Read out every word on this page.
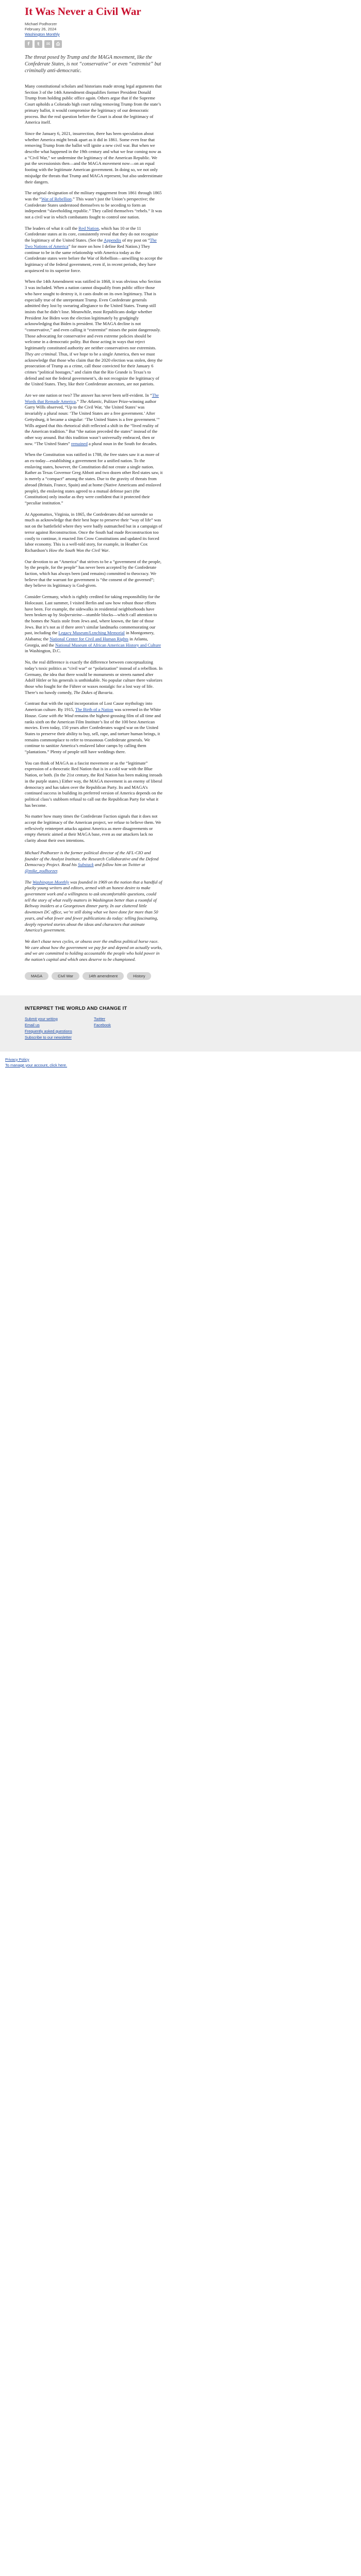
It Was Never a Civil War
Michael Podhorzer
February 26, 2024
Washington Monthly
f	t	✉	⎙

The threat posed by Trump and the MAGA movement, like the Confederate States, is not “conservative” or even “extremist” but criminally anti-democratic.

Many constitutional scholars and historians made strong legal arguments that Section 3 of the 14th Amendment disqualifies former President Donald Trump from holding public office again. Others argue that if the Supreme Court upholds a Colorado high court ruling removing Trump from the state’s primary ballot, it would compromise the legitimacy of our democratic process. But the real question before the Court is about the legitimacy of America itself.

Since the January 6, 2021, insurrection, there has been speculation about whether America might break apart as it did in 1861. Some even fear that removing Trump from the ballot will ignite a new civil war. But when we describe what happened in the 19th century and what we fear coming now as a “Civil War,” we undermine the legitimacy of the American Republic. We put the secessionists then—and the MAGA movement now—on an equal footing with the legitimate American government. In doing so, we not only misjudge the threats that Trump and MAGA represent, but also underestimate their dangers.

The original designation of the military engagement from 1861 through 1865 was the “War of Rebellion.” This wasn’t just the Union’s perspective; the Confederate States understood themselves to be seceding to form an independent “slaveholding republic.” They called themselves “rebels.” It was not a civil war in which combatants fought to control one nation.

The leaders of what it call the Red Nation, which has 10 or the 11 Confederate states at its core, consistently reveal that they do not recognize the legitimacy of the United States. (See the Appendix of my post on “The Two Nations of America” for more on how I define Red Nation.) They continue to be in the same relationship with America today as the Confederate states were before the War of Rebellion—unwilling to accept the legitimacy of the federal government, even if, in recent periods, they have acquiesced to its superior force.

When the 14th Amendment was ratified in 1868, it was obvious who Section 3 was included. When a nation cannot disqualify from public office those who have sought to destroy it, it casts doubt on its own legitimacy. That is especially true of the unrepentant Trump. Even Confederate generals admitted they lost by swearing allegiance to the United States. Trump still insists that he didn’t lose. Meanwhile, most Republicans dodge whether President Joe Biden won the election legitimately by grudgingly acknowledging that Biden is president. The MAGA decline is not “conservative,” and even calling it “extremist” misses the point dangerously. Those advocating for conservative and even extreme policies should be welcome in a democratic polity. But those acting in ways that reject legitimately constituted authority are neither conservatives nor extremists. They are criminal. Thus, if we hope to be a single America, then we must acknowledge that those who claim that the 2020 election was stolen, deny the prosecution of Trump as a crime, call those convicted for their January 6 crimes “political hostages,” and claim that the Rio Grande is Texas’s to defend and not the federal government’s, do not recognize the legitimacy of the United States. They, like their Confederate ancestors, are not patriots.

Are we one nation or two? The answer has never been self-evident. In “The Words that Remade America,” The Atlantic, Pulitzer Prize-winning author Garry Wills observed, “Up to the Civil War, ‘the United States’ was invariably a plural noun: ‘The United States are a free government.’ After Gettysburg, it became a singular: ‘The United States is a free government.’” Wills argued that this rhetorical shift reflected a shift in the “lived reality of the American tradition.” But “the nation preceded the states” instead of the other way around. But this tradition wasn’t universally embraced, then or now. “The United States” remained a plural noun in the South for decades.

When the Constitution was ratified in 1788, the free states saw it as more of an ex-today—establishing a government for a unified nation. To the enslaving states, however, the Constitution did not create a single nation. Rather as Texas Governor Greg Abbott and two dozen other Red states saw, it is merely a “compact” among the states. Due to the gravity of threats from abroad (Britain, France, Spain) and at home (Native Americans and enslaved people), the enslaving states agreed to a mutual defense pact (the Constitution) only insofar as they were confident that it protected their “peculiar institution.”

At Appomattox, Virginia, in 1865, the Confederates did not surrender so much as acknowledge that their best hope to preserve their “way of life” was not on the battlefield where they were badly outmatched but in a campaign of terror against Reconstruction. Once the South had made Reconstruction too costly to continue, it enacted Jim Crow Constitutions and updated its forced labor economy. This is a well-told story, for example, in Heather Cox Richardson’s How the South Won the Civil War.

Our devotion to an “America” that strives to be a “government of the people, by the people, for the people” has never been accepted by the Confederate faction, which has always been (and remains) committed to theocracy. We believe that the warrant for government is “the consent of the governed”; they believe its legitimacy is God-given.

Consider Germany, which is rightly credited for taking responsibility for the Holocaust. Last summer, I visited Berlin and saw how robust those efforts have been. For example, the sidewalks in residential neighborhoods have been broken up by Stolpersteine—stumble blocks—which call attention to the homes the Nazis stole from Jews and, where known, the fate of those Jews. But it’s not as if there aren’t similar landmarks commemorating our past, including the Legacy Museum/Lynching Memorial in Montgomery, Alabama; the National Center for Civil and Human Rights in Atlanta, Georgia, and the National Museum of African American History and Culture in Washington, D.C.

No, the real difference is exactly the difference between conceptualizing today’s toxic politics as “civil war” or “polarization” instead of a rebellion. In Germany, the idea that there would be monuments or streets named after Adolf Hitler or his generals is unthinkable. No popular culture there valorizes those who fought for the Führer or waxes nostalgic for a lost way of life. There’s no bawdy comedy, The Dukes of Bavaria.

Contrast that with the rapid incorporation of Lost Cause mythology into American culture. By 1915, The Birth of a Nation was screened in the White House. Gone with the Wind remains the highest-grossing film of all time and ranks sixth on the American Film Institute’s list of the 100 best American movies. Even today, 150 years after Confederates waged war on the United States to preserve their ability to buy, sell, rape, and torture human beings, it remains commonplace to refer to treasonous Confederate generals. We continue to sanitize America’s enslaved labor camps by calling them “plantations.” Plenty of people still have weddings there.

You can think of MAGA as a fascist movement or as the “legitimate” expression of a theocratic Red Nation that is in a cold war with the Blue Nation, or both. (In the 21st century, the Red Nation has been making inroads in the purple states.) Either way, the MAGA movement is an enemy of liberal democracy and has taken over the Republican Party. Its and MAGA’s continued success in building its preferred version of America depends on the political class’s stubborn refusal to call out the Republican Party for what it has become.

No matter how many times the Confederate Faction signals that it does not accept the legitimacy of the American project, we refuse to believe them. We reflexively reinterpret attacks against America as mere disagreements or empty rhetoric aimed at their MAGA base, even as our attackers lack no clarity about their own intentions.

Michael Podhorzer is the former political director of the AFL-CIO and founder of the Analyst Institute, the Research Collaborative and the Defend Democracy Project. Read his Substack and follow him on Twitter at @mike_podhorzer.

The Washington Monthly was founded in 1969 on the notion that a handful of plucky young writers and editors, armed with an honest desire to make government work and a willingness to ask uncomfortable questions, could tell the story of what really matters in Washington better than a roomful of Beltway insiders at a Georgetown dinner party. In our cluttered little downtown DC office, we’re still doing what we have done for more than 50 years, and what fewer and fewer publications do today: telling fascinating, deeply reported stories about the ideas and characters that animate America’s government.

We don’t chase news cycles, or obsess over the endless political horse race. We care about how the government we pay for and depend on actually works, and we are committed to holding accountable the people who hold power in the nation’s capital and which ones deserve to be championed.

MAGA	Civil War	14th amendment	History
INTERPRET THE WORLD AND CHANGE IT
Submit your writing
Email us
Frequently asked questions
Subscribe to our newsletter
Twitter
Facebook
Privacy Policy
To manage your account, click here.
